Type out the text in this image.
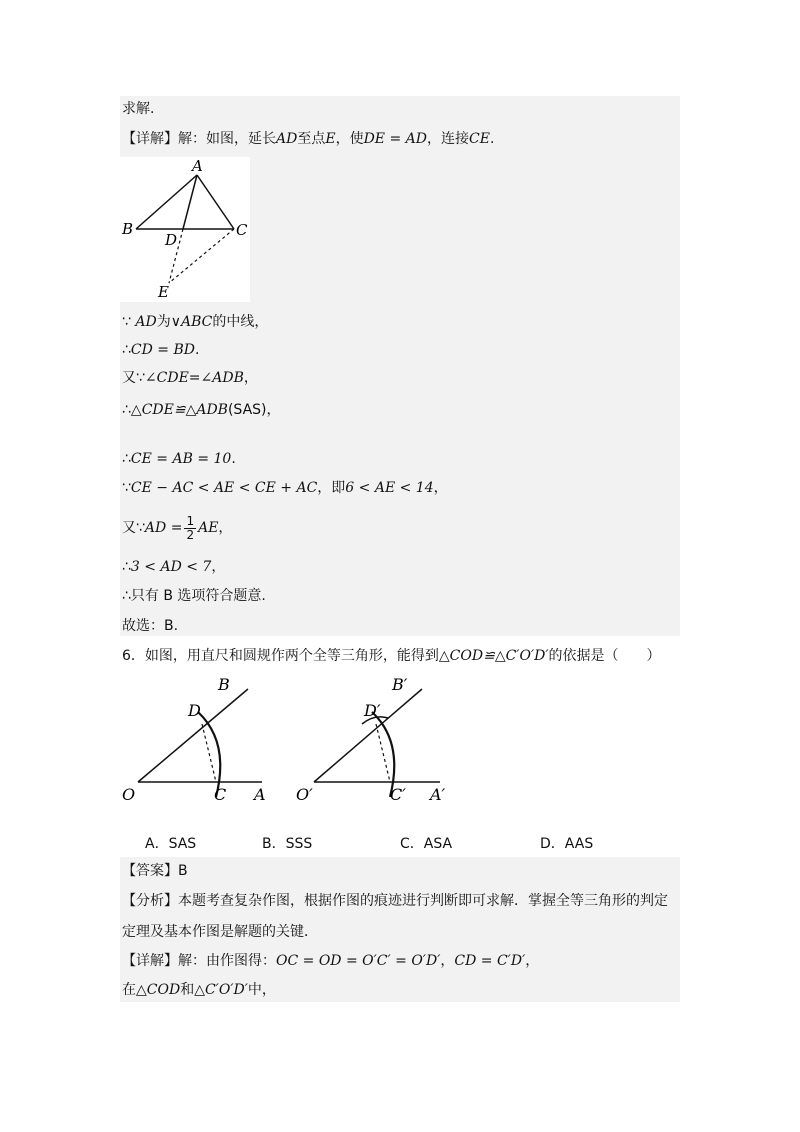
求解.
【详解】解：如图，延长AD至点E，使DE = AD，连接CE.
A
B	C
D
E
∵ AD为∨ABC的中线，
∴CD = BD.
又∵∠CDE=∠ADB，
∴△CDE≌△ADB(SAS)，
∴CE = AB = 10.
∵CE − AC < AE < CE + AC，即6 < AE < 14，
又∵AD = $\frac{1}{2}$ AE，
∴3 < AD < 7，
∴只有 B 选项符合题意.
故选：B.
6．如图，用直尺和圆规作两个全等三角形，能得到△COD≌△C′O′D′的依据是（　　）
B
D
O	C A
B′
D′
O′	C′ A′
A．SAS	B．SSS	C．ASA	D．AAS
【答案】B
【分析】本题考查复杂作图，根据作图的痕迹进行判断即可求解．掌握全等三角形的判定
定理及基本作图是解题的关键．
【详解】解：由作图得：OC = OD = O′C′ = O′D′，CD = C′D′，
在△COD和△C′O′D′中，
